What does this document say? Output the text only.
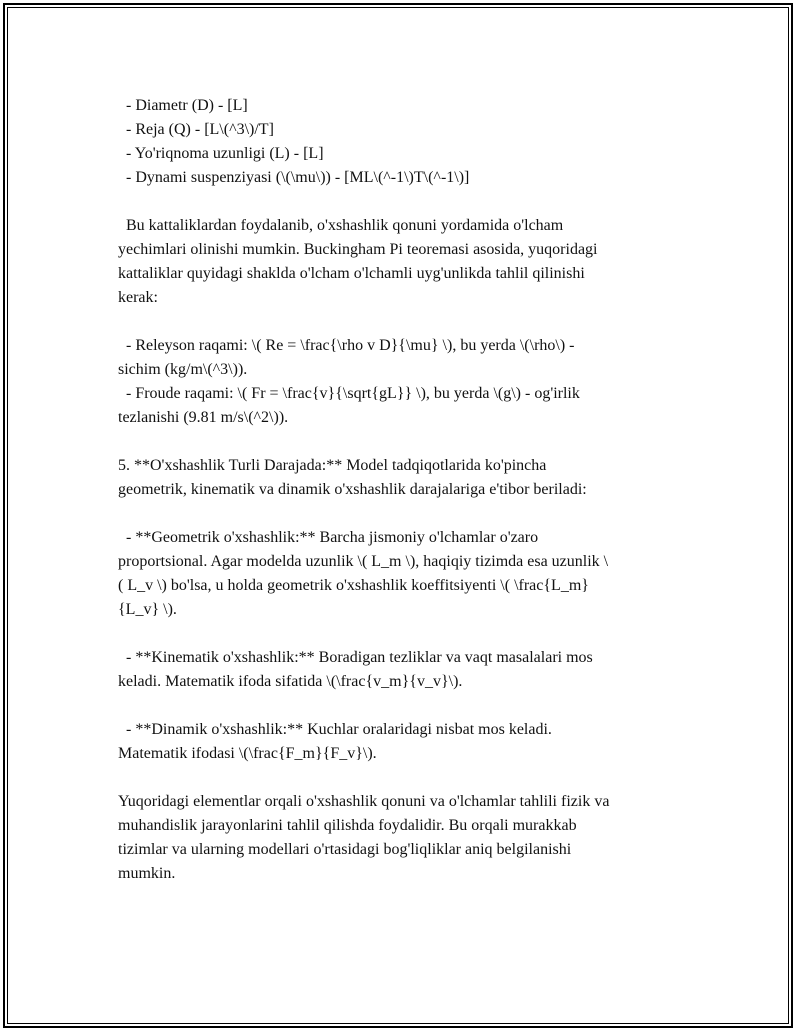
- Diametr (D) - [L]
- Reja (Q) - [L\(^3\)/T]
- Yo'riqnoma uzunligi (L) - [L]
- Dynami suspenziyasi (\(\mu\)) - [ML\(^-1\)T\(^-1\)]
Bu kattaliklardan foydalanib, o'xshashlik qonuni yordamida o'lcham
yechimlari olinishi mumkin. Buckingham Pi teoremasi asosida, yuqoridagi
kattaliklar quyidagi shaklda o'lcham o'lchamli uyg'unlikda tahlil qilinishi
kerak:
- Releyson raqami: \( Re = \frac{\rho v D}{\mu} \), bu yerda \(\rho\) -
sichim (kg/m\(^3\)).
- Froude raqami: \( Fr = \frac{v}{\sqrt{gL}} \), bu yerda \(g\) - og'irlik
tezlanishi (9.81 m/s\(^2\)).
5. **O'xshashlik Turli Darajada:** Model tadqiqotlarida ko'pincha
geometrik, kinematik va dinamik o'xshashlik darajalariga e'tibor beriladi:
- **Geometrik o'xshashlik:** Barcha jismoniy o'lchamlar o'zaro
proportsional. Agar modelda uzunlik \( L_m \), haqiqiy tizimda esa uzunlik \
( L_v \) bo'lsa, u holda geometrik o'xshashlik koeffitsiyenti \( \frac{L_m}
{L_v} \).
- **Kinematik o'xshashlik:** Boradigan tezliklar va vaqt masalalari mos
keladi. Matematik ifoda sifatida \(\frac{v_m}{v_v}\).
- **Dinamik o'xshashlik:** Kuchlar oralaridagi nisbat mos keladi.
Matematik ifodasi \(\frac{F_m}{F_v}\).
Yuqoridagi elementlar orqali o'xshashlik qonuni va o'lchamlar tahlili fizik va
muhandislik jarayonlarini tahlil qilishda foydalidir. Bu orqali murakkab
tizimlar va ularning modellari o'rtasidagi bog'liqliklar aniq belgilanishi
mumkin.
